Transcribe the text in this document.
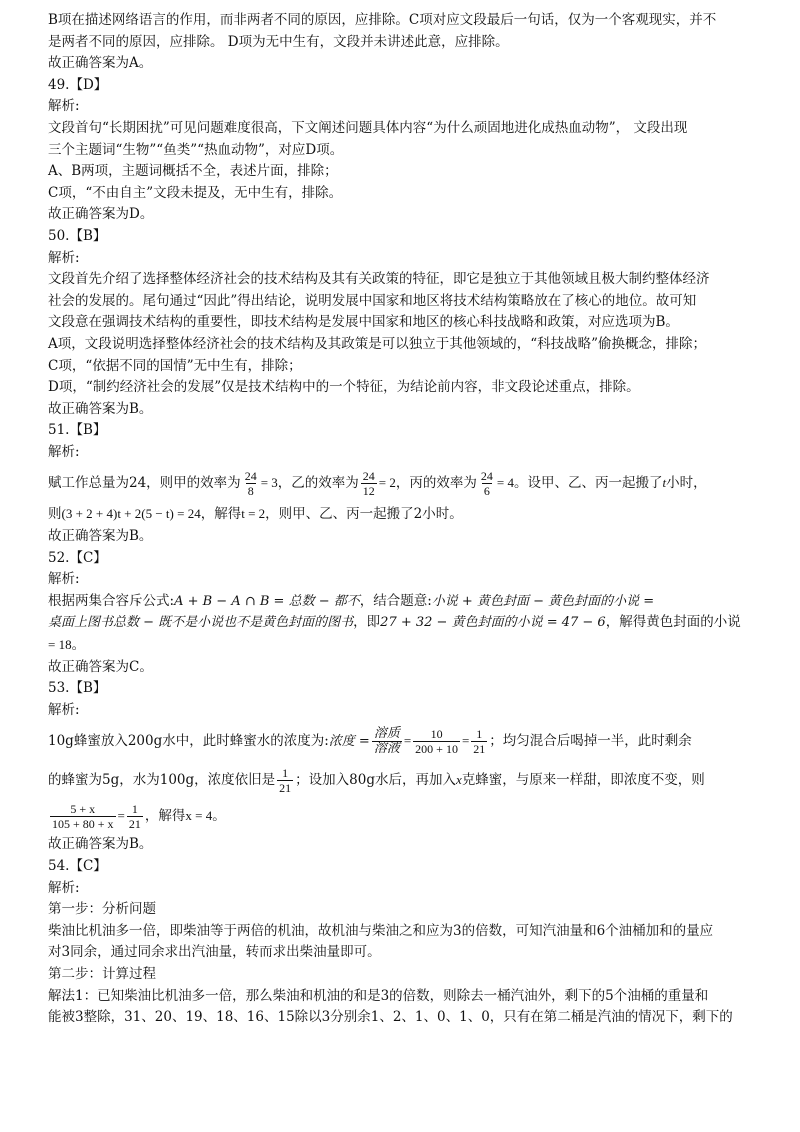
B项在描述网络语言的作用，而非两者不同的原因，应排除。C项对应文段最后一句话，仅为一个客观现实，并不

是两者不同的原因，应排除。 D项为无中生有，文段并未讲述此意，应排除。

故正确答案为A。

49.【D】

解析:

文段首句“长期困扰”可见问题难度很高，下文阐述问题具体内容“为什么顽固地进化成热血动物”， 文段出现

三个主题词“生物”“鱼类”“热血动物”，对应D项。

A、B两项，主题词概括不全，表述片面，排除；

C项，“不由自主”文段未提及，无中生有，排除。

故正确答案为D。

50.【B】

解析:

文段首先介绍了选择整体经济社会的技术结构及其有关政策的特征，即它是独立于其他领域且极大制约整体经济

社会的发展的。尾句通过“因此”得出结论，说明发展中国家和地区将技术结构策略放在了核心的地位。故可知

文段意在强调技术结构的重要性，即技术结构是发展中国家和地区的核心科技战略和政策，对应选项为B。

A项，文段说明选择整体经济社会的技术结构及其政策是可以独立于其他领域的，“科技战略”偷换概念，排除；

C项，“依据不同的国情”无中生有，排除；

D项，“制约经济社会的发展”仅是技术结构中的一个特征，为结论前内容，非文段论述重点，排除。

故正确答案为B。

51.【B】

解析:

赋工作总量为24，则甲的效率为 $\frac{24}{8} = 3$，乙的效率为 $\frac{24}{12} = 2$，丙的效率为 $\frac{24}{6} = 4$。设甲、乙、丙一起搬了t小时，

则(3 + 2 + 4)t + 2(5 − t) = 24，解得t = 2，则甲、乙、丙一起搬了2小时。

故正确答案为B。

52.【C】

解析:

根据两集合容斥公式:A + B − A ∩ B = 总数 − 都不，结合题意:小说 + 黄色封面 − 黄色封面的小说 =

桌面上图书总数 − 既不是小说也不是黄色封面的图书，即27 + 32 − 黄色封面的小说 = 47 − 6，解得黄色封面的小说

= 18。

故正确答案为C。

53.【B】

解析:

10g蜂蜜放入200g水中，此时蜂蜜水的浓度为:浓度 = $\frac{\text{溶质}}{\text{溶液}} = \frac{10}{200 + 10} = \frac{1}{21}$ ；均匀混合后喝掉一半，此时剩余

的蜂蜜为5g，水为100g，浓度依旧是 $\frac{1}{21}$ ；设加入80g水后，再加入x克蜂蜜，与原来一样甜，即浓度不变，则

$\frac{5 + x}{105 + 80 + x} = \frac{1}{21}$ ，解得x = 4。

故正确答案为B。

54.【C】

解析:

第一步：分析问题

柴油比机油多一倍，即柴油等于两倍的机油，故机油与柴油之和应为3的倍数，可知汽油量和6个油桶加和的量应

对3同余，通过同余求出汽油量，转而求出柴油量即可。

第二步：计算过程

解法1：已知柴油比机油多一倍，那么柴油和机油的和是3的倍数，则除去一桶汽油外，剩下的5个油桶的重量和

能被3整除，31、20、19、18、16、15除以3分别余1、2、1、0、1、0，只有在第二桶是汽油的情况下，剩下的
